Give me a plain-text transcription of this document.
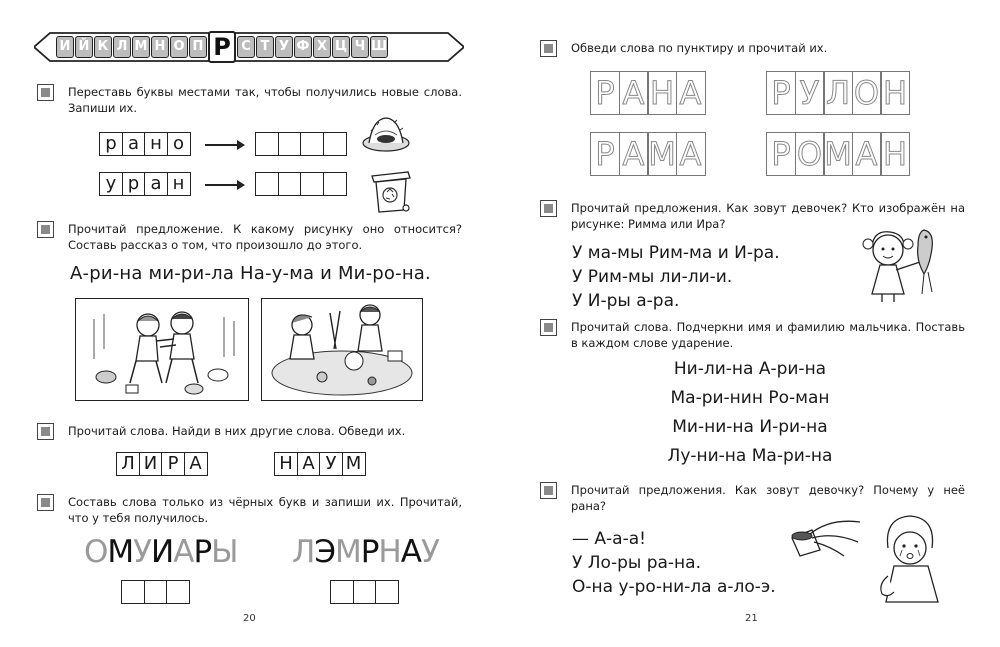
И Й К Л М Н О П Р С Т У Ф Х Ц Ч Ш
Переставь буквы местами так, чтобы получились новые слова. Запиши их.
р а н о
у р а н
Прочитай предложение. К какому рисунку оно относится? Составь рассказ о том, что произошло до этого.
А-ри-на ми-ри-ла На-у-ма и Ми-ро-на.
Прочитай слова. Найди в них другие слова. Обведи их.
Л И Р А	Н А У М
Составь слова только из чёрных букв и запиши их. Прочитай, что у тебя получилось.
ОМУИАРЫ ЛЭМРНАУ
20
Обведи слова по пунктиру и прочитай их.
Р А Н А Р У Л О Н
Р А М А Р О М А Н
Прочитай предложения. Как зовут девочек? Кто изображён на рисунке: Римма или Ира?
У ма-мы Рим-ма и И-ра.
У Рим-мы ли-ли-и.
У И-ры а-ра.
Прочитай слова. Подчеркни имя и фамилию мальчика. Поставь в каждом слове ударение.
Ни-ли-на А-ри-на
Ма-ри-нин Ро-ман
Ми-ни-на И-ри-на
Лу-ни-на Ма-ри-на
Прочитай предложения. Как зовут девочку? Почему у неё рана?
— А-а-а!
У Ло-ры ра-на.
О-на у-ро-ни-ла а-ло-э.
21
